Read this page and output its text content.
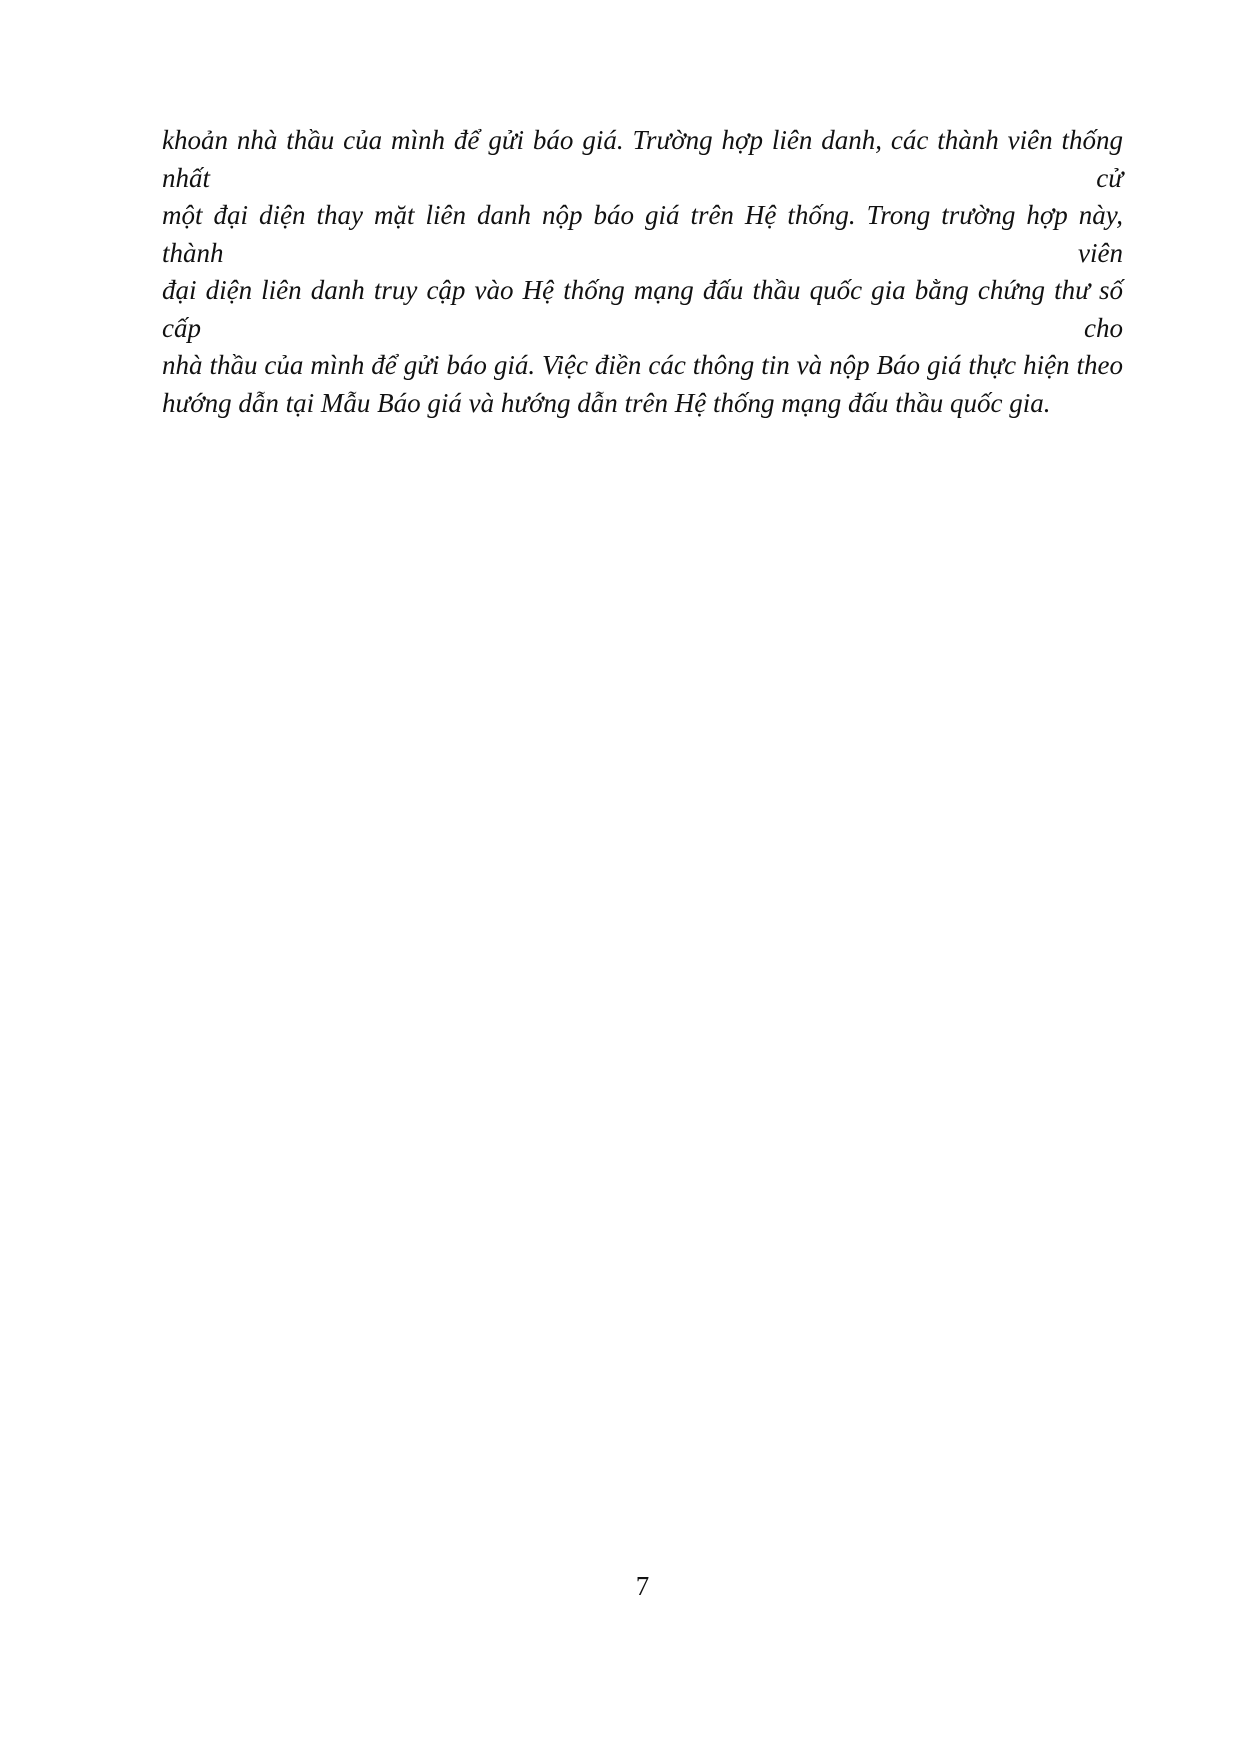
khoản nhà thầu của mình để gửi báo giá. Trường hợp liên danh, các thành viên thống nhất cử
một đại diện thay mặt liên danh nộp báo giá trên Hệ thống. Trong trường hợp này, thành viên
đại diện liên danh truy cập vào Hệ thống mạng đấu thầu quốc gia bằng chứng thư số cấp cho
nhà thầu của mình để gửi báo giá. Việc điền các thông tin và nộp Báo giá thực hiện theo
hướng dẫn tại Mẫu Báo giá và hướng dẫn trên Hệ thống mạng đấu thầu quốc gia.
7
